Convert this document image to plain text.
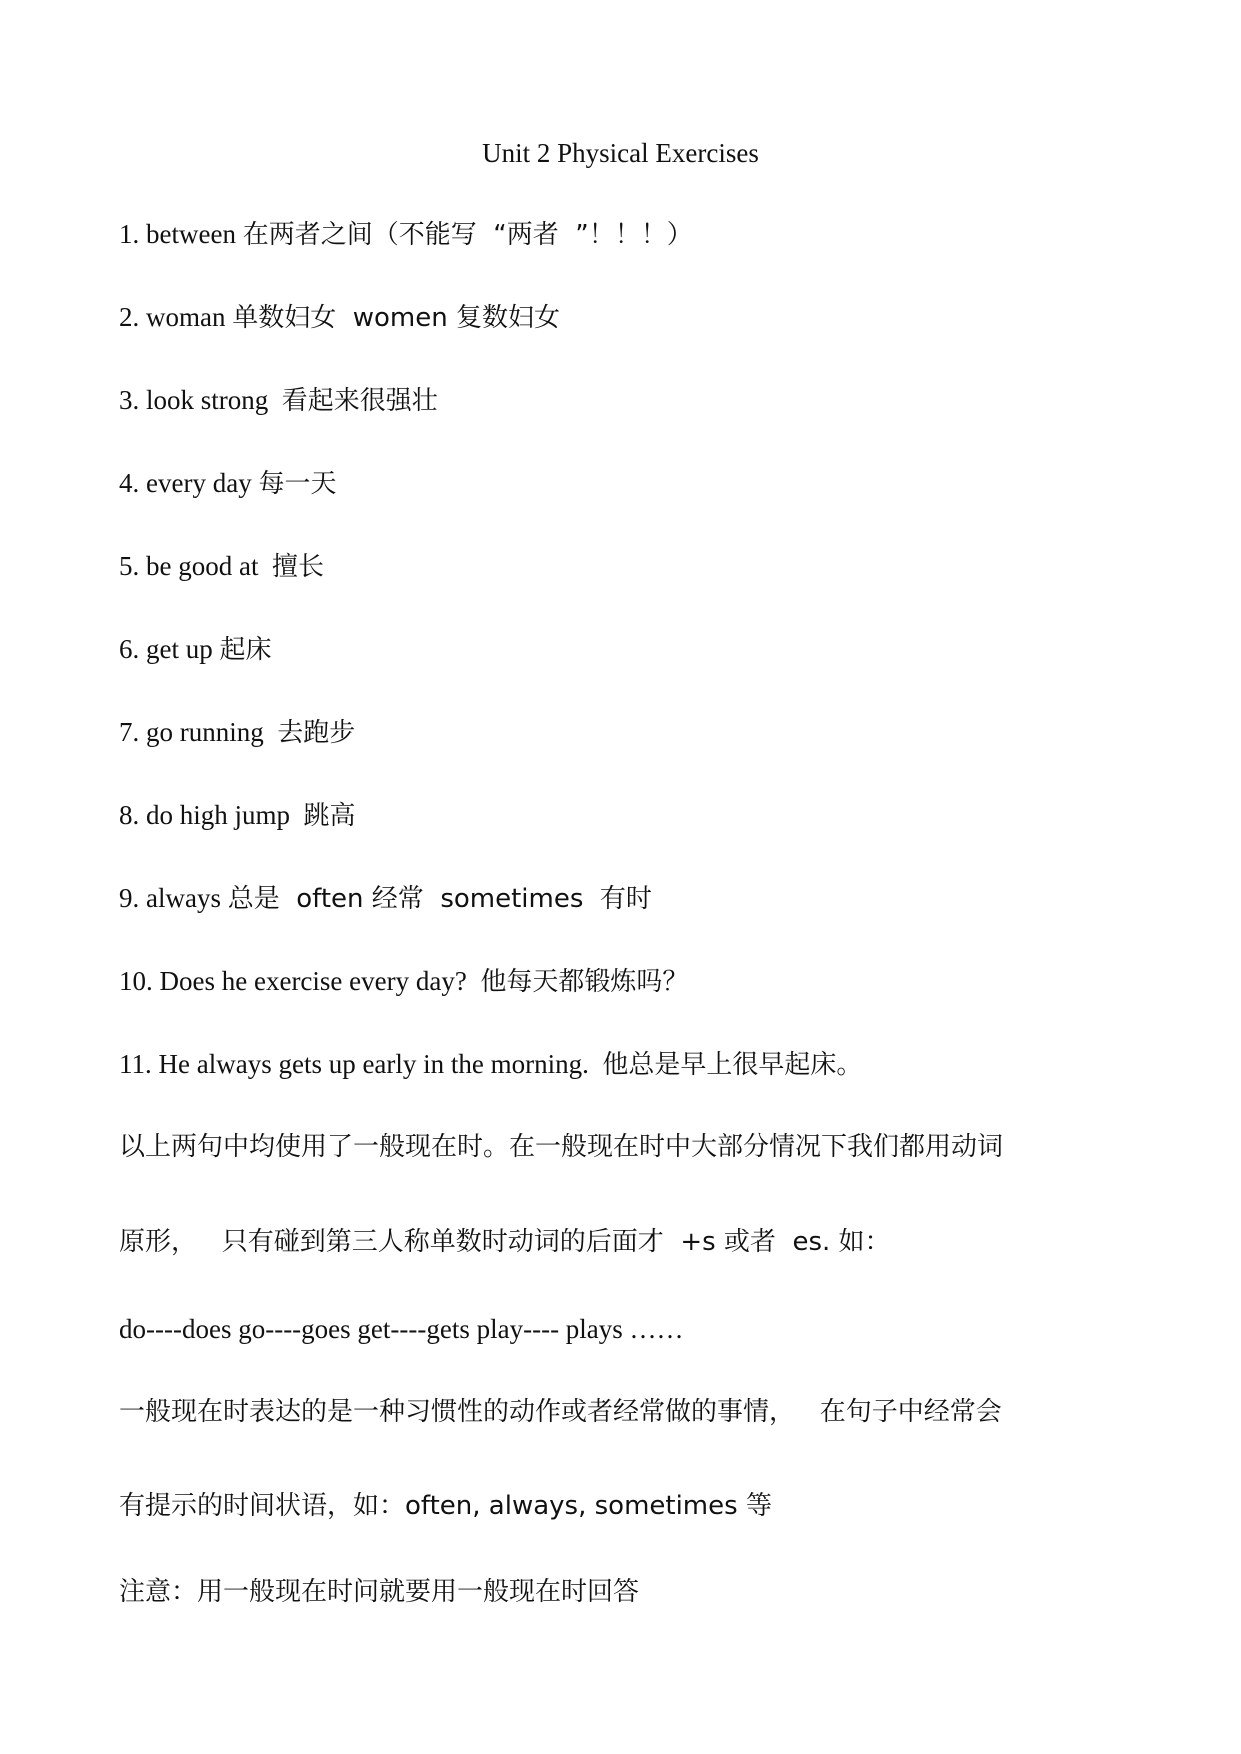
Unit 2 Physical Exercises

1. between 在两者之间（不能写  “两者  ”！！！）

2. woman 单数妇女  women 复数妇女

3. look strong  看起来很强壮

4. every day 每一天

5. be good at  擅长

6. get up 起床

7. go running  去跑步

8. do high jump  跳高

9. always 总是  often 经常  sometimes  有时

10. Does he exercise every day?  他每天都锻炼吗？

11. He always gets up early in the morning.  他总是早上很早起床。

以上两句中均使用了一般现在时。在一般现在时中大部分情况下我们都用动词

原形，   只有碰到第三人称单数时动词的后面才  +s 或者  es. 如：

do----does go----goes get----gets play---- plays ……

一般现在时表达的是一种习惯性的动作或者经常做的事情，   在句子中经常会

有提示的时间状语，如：often, always, sometimes 等

注意：用一般现在时问就要用一般现在时回答
